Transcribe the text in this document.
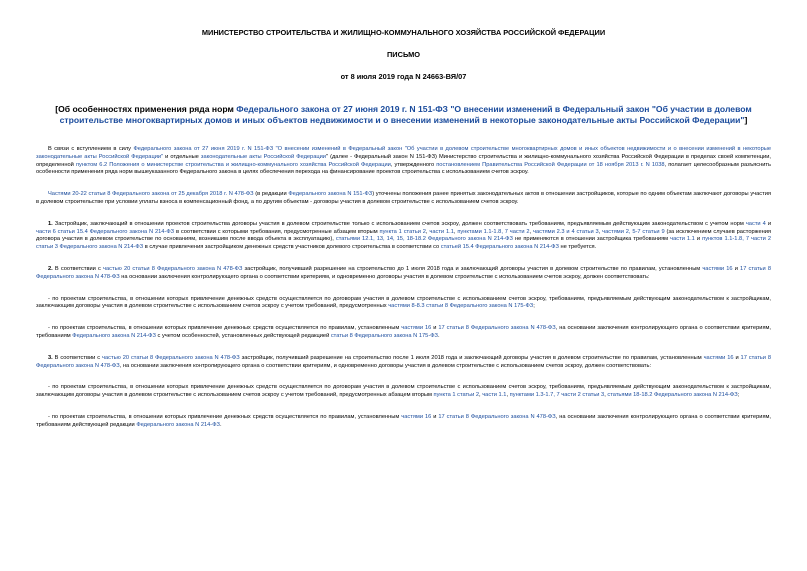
МИНИСТЕРСТВО СТРОИТЕЛЬСТВА И ЖИЛИЩНО-КОММУНАЛЬНОГО ХОЗЯЙСТВА РОССИЙСКОЙ ФЕДЕРАЦИИ
ПИСЬМО
от 8 июля 2019 года N 24663-ВЯ/07
[Об особенностях применения ряда норм Федерального закона от 27 июня 2019 г. N 151-ФЗ "О внесении изменений в Федеральный закон "Об участии в долевом строительстве многоквартирных домов и иных объектов недвижимости и о внесении изменений в некоторые законодательные акты Российской Федерации"]

В связи с вступлением в силу Федерального закона от 27 июня 2019 г. N 151-ФЗ "О внесении изменений в Федеральный закон "Об участии в долевом строительстве многоквартирных домов и иных объектов недвижимости и о внесении изменений в некоторые законодательные акты Российской Федерации" и отдельные законодательные акты Российской Федерации" (далее - Федеральный закон N 151-ФЗ) Министерство строительства и жилищно-коммунального хозяйства Российской Федерации в пределах своей компетенции, определенной пунктом 6.2 Положения о министерстве строительства и жилищно-коммунального хозяйства Российской Федерации, утвержденного постановлением Правительства Российской Федерации от 18 ноября 2013 г. N 1038, полагает целесообразным разъяснить особенности применения ряда норм вышеуказанного Федерального закона в целях обеспечения перехода на финансирование проектов строительства с использованием счетов эскроу.

Частями 20-22 статьи 8 Федерального закона от 25 декабря 2018 г. N 478-ФЗ (в редакции Федерального закона N 151-ФЗ) уточнены положения ранее принятых законодательных актов в отношении застройщиков, которые по одним объектам заключают договоры участия в долевом строительстве при условии уплаты взноса в компенсационный фонд, а по другим объектам - договоры участия в долевом строительстве с использованием счетов эскроу.

1. Застройщик, заключающий в отношении проектов строительства договоры участия в долевом строительстве только с использованием счетов эскроу, должен соответствовать требованиям, предъявляемым действующим законодательством с учетом норм части 4 и части 6 статьи 15.4 Федерального закона N 214-ФЗ в соответствии с которыми требования, предусмотренные абзацем вторым пункта 1 статьи 2, части 1.1, пунктами 1.1-1.8, 7 части 2, частями 2.3 и 4 статьи 3, частями 2, 5-7 статьи 9 (за исключением случаев расторжения договора участия в долевом строительстве по основаниям, возникшим после ввода объекта в эксплуатацию), статьями 12.1, 13, 14, 15, 18-18.2 Федерального закона N 214-ФЗ не применяются в отношении застройщика требованиям части 1.1 и пунктов 1.1-1.8, 7 части 2 статьи 3 Федерального закона N 214-ФЗ в случае привлечения застройщиком денежных средств участников долевого строительства в соответствии со статьей 15.4 Федерального закона N 214-ФЗ не требуется.

2. В соответствии с частью 20 статьи 8 Федерального закона N 478-ФЗ застройщик, получивший разрешение на строительство до 1 июля 2018 года и заключающий договоры участия в долевом строительстве по правилам, установленным частями 16 и 17 статьи 8 Федерального закона N 478-ФЗ на основании заключения контролирующего органа о соответствии критериям, и одновременно договоры участия в долевом строительстве с использованием счетов эскроу, должен соответствовать:

- по проектам строительства, в отношении которых привлечение денежных средств осуществляется по договорам участия в долевом строительстве с использованием счетов эскроу, требованиям, предъявляемым действующим законодательством к застройщикам, заключающим договоры участия в долевом строительстве с использованием счетов эскроу с учетом требований, предусмотренных частями 8-8.3 статьи 8 Федерального закона N 175-ФЗ;

- по проектам строительства, в отношении которых привлечение денежных средств осуществляется по правилам, установленным частями 16 и 17 статьи 8 Федерального закона N 478-ФЗ, на основании заключения контролирующего органа о соответствии критериям, требованиям Федерального закона N 214-ФЗ с учетом особенностей, установленных действующей редакцией статьи 8 Федерального закона N 175-ФЗ.

3. В соответствии с частью 20 статьи 8 Федерального закона N 478-ФЗ застройщик, получивший разрешение на строительство после 1 июля 2018 года и заключающий договоры участия в долевом строительстве по правилам, установленным частями 16 и 17 статьи 8 Федерального закона N 478-ФЗ, на основании заключения контролирующего органа о соответствии критериям, и одновременно договоры участия в долевом строительстве с использованием счетов эскроу, должен соответствовать:

- по проектам строительства, в отношении которых привлечение денежных средств осуществляется по договорам участия в долевом строительстве с использованием счетов эскроу, требованиям, предъявляемым действующим законодательством к застройщикам, заключающим договоры участия в долевом строительстве с использованием счетов эскроу с учетом требований, предусмотренных абзацем вторым пункта 1 статьи 2, части 1.1, пунктами 1.3-1.7, 7 части 2 статьи 3, статьями 18-18.2 Федерального закона N 214-ФЗ;

- по проектам строительства, в отношении которых привлечение денежных средств осуществляется по правилам, установленным частями 16 и 17 статьи 8 Федерального закона N 478-ФЗ, на основании заключения контролирующего органа о соответствии критериям, требованиям действующей редакции Федерального закона N 214-ФЗ.
